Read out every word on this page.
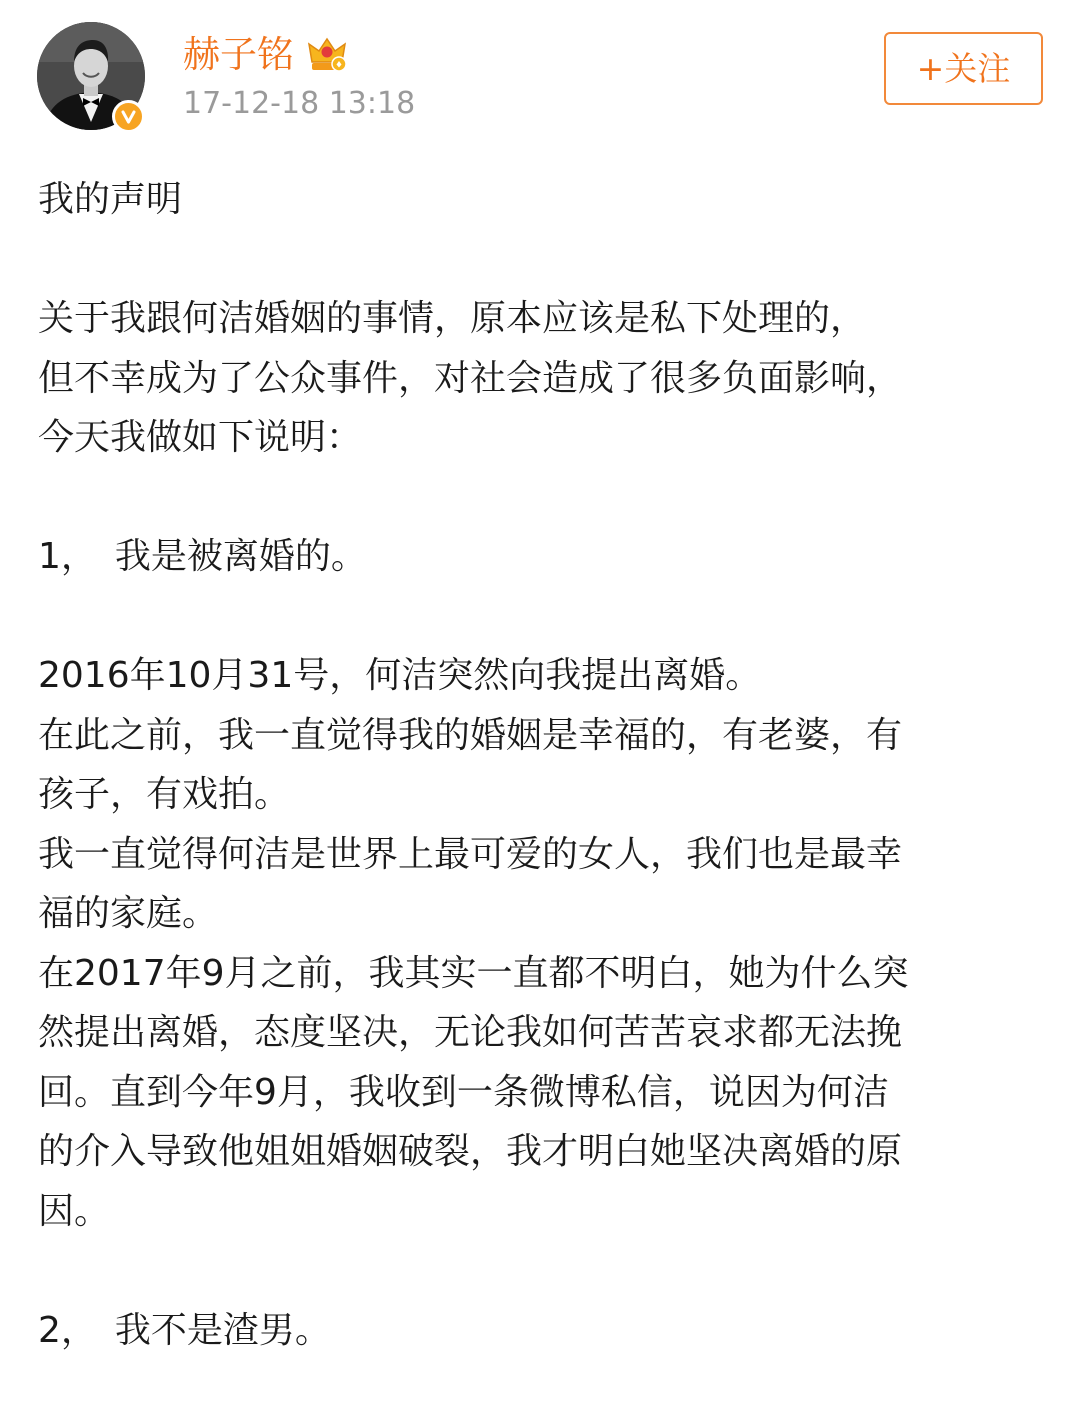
赫子铭
17-12-18 13:18
+关注
我的声明
关于我跟何洁婚姻的事情，原本应该是私下处理的，
但不幸成为了公众事件，对社会造成了很多负面影响，
今天我做如下说明：
1，　我是被离婚的。
2016年10月31号，何洁突然向我提出离婚。
在此之前，我一直觉得我的婚姻是幸福的，有老婆，有
孩子，有戏拍。
我一直觉得何洁是世界上最可爱的女人，我们也是最幸
福的家庭。
在2017年9月之前，我其实一直都不明白，她为什么突
然提出离婚，态度坚决，无论我如何苦苦哀求都无法挽
回。直到今年9月，我收到一条微博私信，说因为何洁
的介入导致他姐姐婚姻破裂，我才明白她坚决离婚的原
因。
2，　我不是渣男。
